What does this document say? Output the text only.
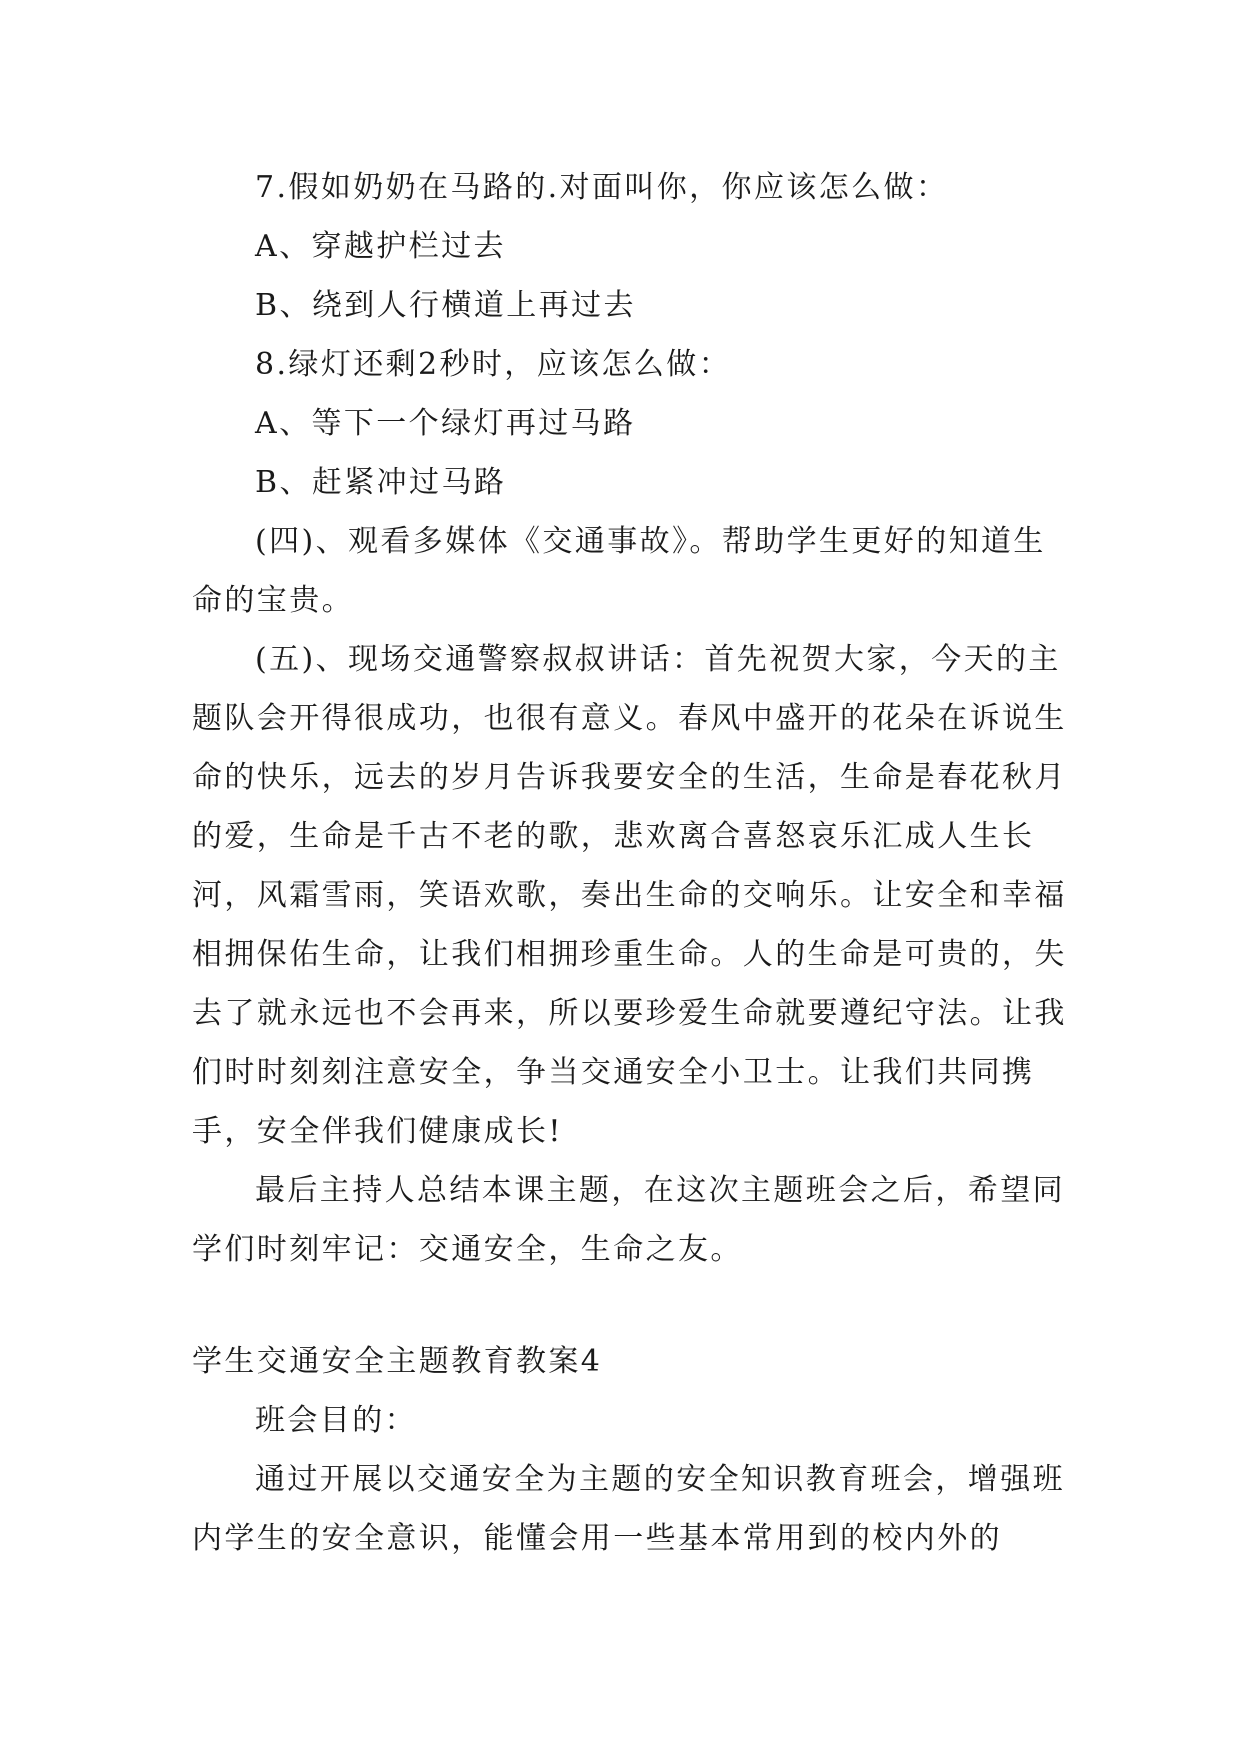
7.假如奶奶在马路的.对面叫你，你应该怎么做：

A、穿越护栏过去

B、绕到人行横道上再过去

8.绿灯还剩2秒时，应该怎么做：

A、等下一个绿灯再过马路

B、赶紧冲过马路

(四)、观看多媒体《交通事故》。帮助学生更好的知道生命的宝贵。

(五)、现场交通警察叔叔讲话：首先祝贺大家，今天的主题队会开得很成功，也很有意义。春风中盛开的花朵在诉说生命的快乐，远去的岁月告诉我要安全的生活，生命是春花秋月的爱，生命是千古不老的歌，悲欢离合喜怒哀乐汇成人生长河，风霜雪雨，笑语欢歌，奏出生命的交响乐。让安全和幸福相拥保佑生命，让我们相拥珍重生命。人的生命是可贵的，失去了就永远也不会再来，所以要珍爱生命就要遵纪守法。让我们时时刻刻注意安全，争当交通安全小卫士。让我们共同携手，安全伴我们健康成长!

最后主持人总结本课主题，在这次主题班会之后，希望同学们时刻牢记：交通安全，生命之友。

学生交通安全主题教育教案4

班会目的：

通过开展以交通安全为主题的安全知识教育班会，增强班内学生的安全意识，能懂会用一些基本常用到的校内外的
